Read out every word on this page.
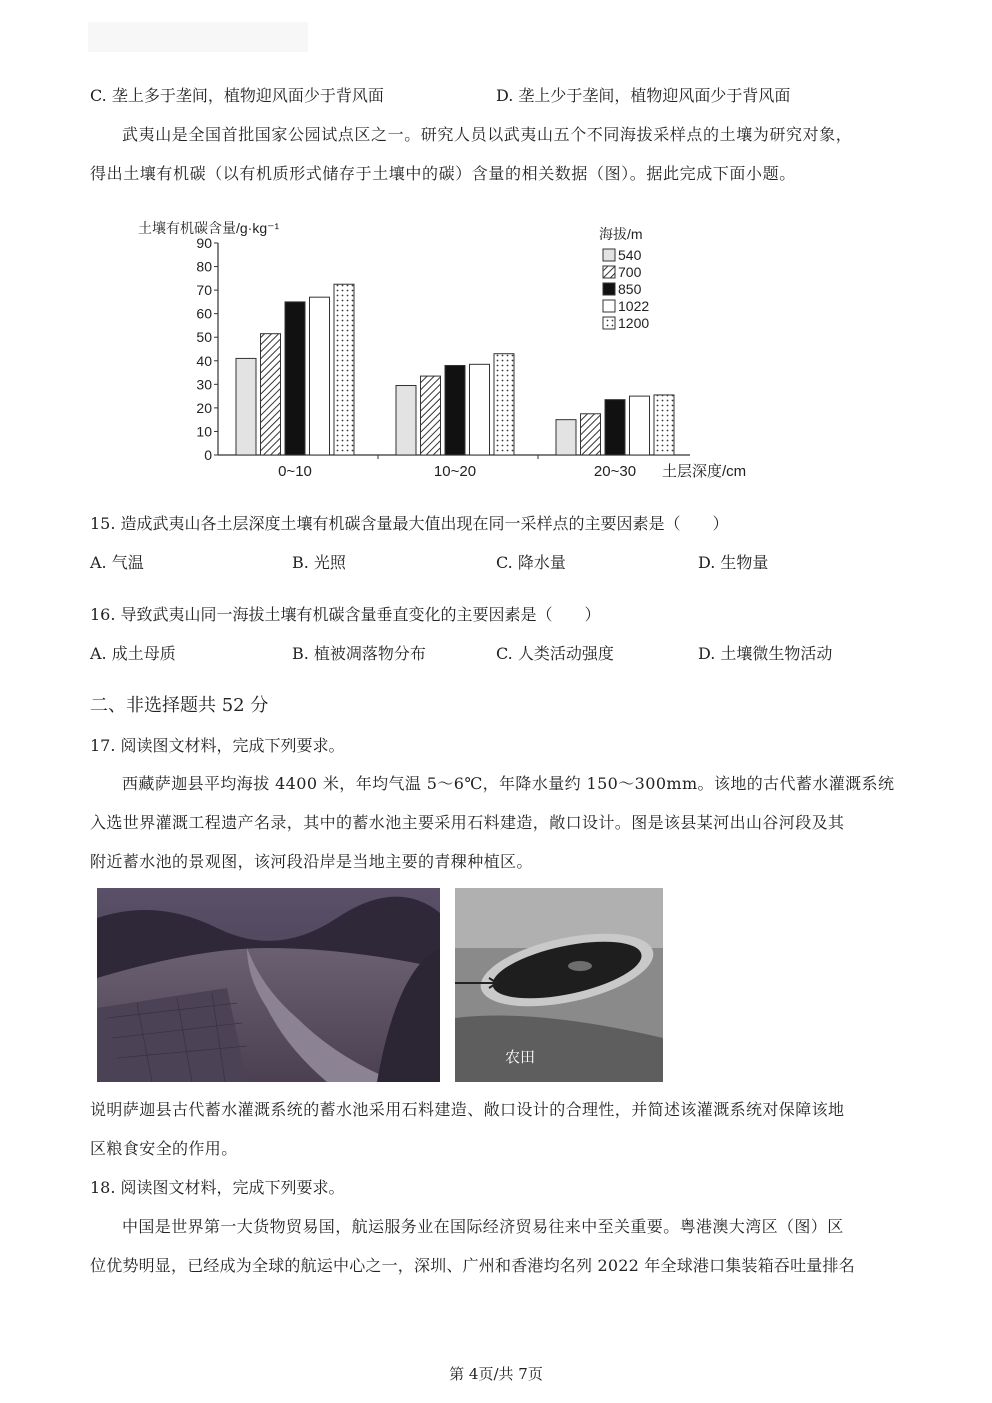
C. 垄上多于垄间，植物迎风面少于背风面	D. 垄上少于垄间，植物迎风面少于背风面
武夷山是全国首批国家公园试点区之一。研究人员以武夷山五个不同海拔采样点的土壤为研究对象，
得出土壤有机碳（以有机质形式储存于土壤中的碳）含量的相关数据（图）。据此完成下面小题。
0
10
20
30
40
50
60
70
80
90
土壤有机碳含量/g·kg⁻¹
土层深度/cm
0~10	10~20	20~30
海拔/m
540
700
850
1022
1200
15. 造成武夷山各土层深度土壤有机碳含量最大值出现在同一采样点的主要因素是（　　）
A. 气温	B. 光照	C. 降水量	D. 生物量
16. 导致武夷山同一海拔土壤有机碳含量垂直变化的主要因素是（　　）
A. 成土母质	B. 植被凋落物分布	C. 人类活动强度	D. 土壤微生物活动
二、非选择题共 52 分
17. 阅读图文材料，完成下列要求。
西藏萨迦县平均海拔 4400 米，年均气温 5～6℃，年降水量约 150～300mm。该地的古代蓄水灌溉系统
入选世界灌溉工程遗产名录，其中的蓄水池主要采用石料建造，敞口设计。图是该县某河出山谷河段及其
附近蓄水池的景观图，该河段沿岸是当地主要的青稞种植区。
农田
说明萨迦县古代蓄水灌溉系统的蓄水池采用石料建造、敞口设计的合理性，并简述该灌溉系统对保障该地
区粮食安全的作用。
18. 阅读图文材料，完成下列要求。
中国是世界第一大货物贸易国，航运服务业在国际经济贸易往来中至关重要。粤港澳大湾区（图）区
位优势明显，已经成为全球的航运中心之一，深圳、广州和香港均名列 2022 年全球港口集装箱吞吐量排名
第 4页/共 7页
